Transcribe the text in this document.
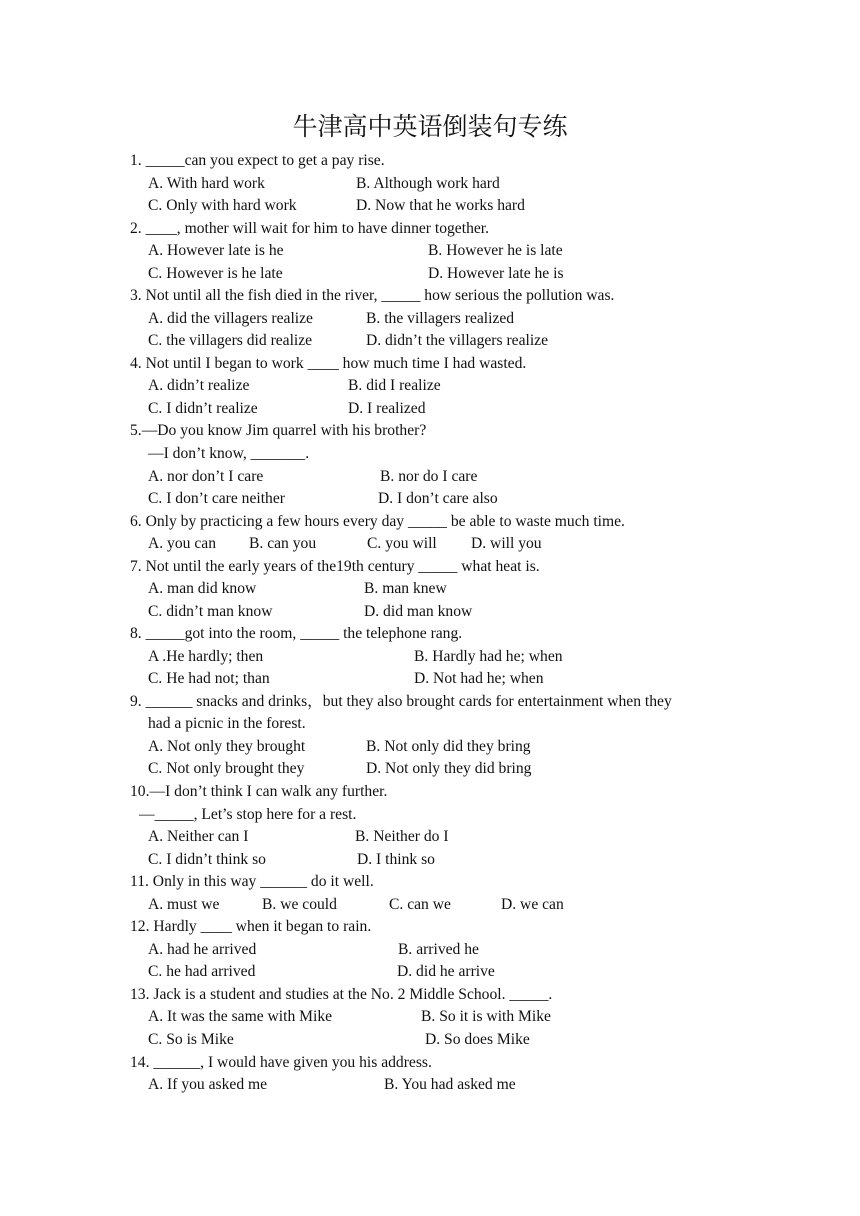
牛津高中英语倒装句专练
1. _____can you expect to get a pay rise.
A. With hard work	B. Although work hard
C. Only with hard work	D. Now that he works hard
2. ____, mother will wait for him to have dinner together.
A. However late is he	B. However he is late
C. However is he late	D. However late he is
3. Not until all the fish died in the river, _____ how serious the pollution was.
A. did the villagers realize	B. the villagers realized
C. the villagers did realize	D. didn’t the villagers realize
4. Not until I began to work ____ how much time I had wasted.
A. didn’t realize	B. did I realize
C. I didn’t realize	D. I realized
5.—Do you know Jim quarrel with his brother?
—I don’t know, _______.
A. nor don’t I care	B. nor do I care
C. I don’t care neither	D. I don’t care also
6. Only by practicing a few hours every day _____ be able to waste much time.
A. you can B. can you	C. you will D. will you
7. Not until the early years of the19th century _____ what heat is.
A. man did know	B. man knew
C. didn’t man know	D. did man know
8. _____got into the room, _____ the telephone rang.
A .He hardly; then	B. Hardly had he; when
C. He had not; than	D. Not had he; when
9. ______ snacks and drinks，but they also brought cards for entertainment when they
had a picnic in the forest.
A. Not only they brought	B. Not only did they bring
C. Not only brought they	D. Not only they did bring
10.—I don’t think I can walk any further.
—_____, Let’s stop here for a rest.
A. Neither can I	B. Neither do I
C. I didn’t think so	D. I think so
11. Only in this way ______ do it well.
A. must we	B. we could	C. can we	D. we can
12. Hardly ____ when it began to rain.
A. had he arrived	B. arrived he
C. he had arrived	D. did he arrive
13. Jack is a student and studies at the No. 2 Middle School. _____.
A. It was the same with Mike	B. So it is with Mike
C. So is Mike	D. So does Mike
14. ______, I would have given you his address.
A. If you asked me	B. You had asked me
